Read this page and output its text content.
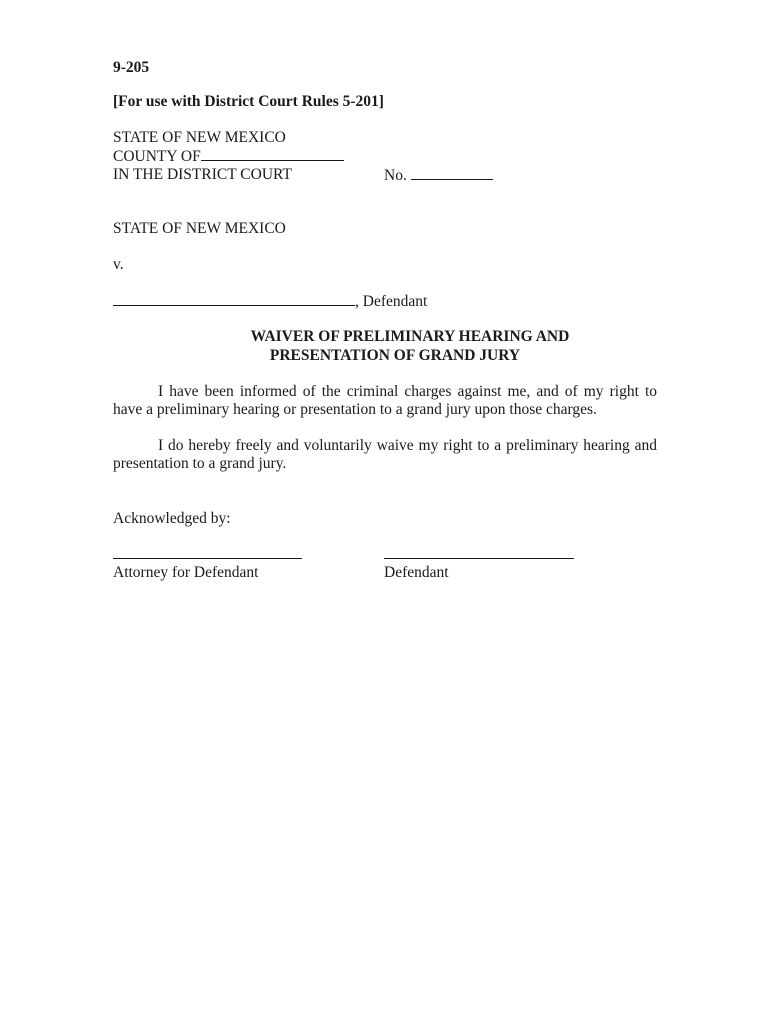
9-205
[For use with District Court Rules 5-201]
STATE OF NEW MEXICO
COUNTY OF
IN THE DISTRICT COURT	No.
STATE OF NEW MEXICO
v.
, Defendant
WAIVER OF PRELIMINARY HEARING AND
PRESENTATION OF GRAND JURY
I have been informed of the criminal charges against me, and of my right to have a preliminary hearing or presentation to a grand jury upon those charges.
I do hereby freely and voluntarily waive my right to a preliminary hearing and presentation to a grand jury.
Acknowledged by:
Attorney for Defendant	Defendant
